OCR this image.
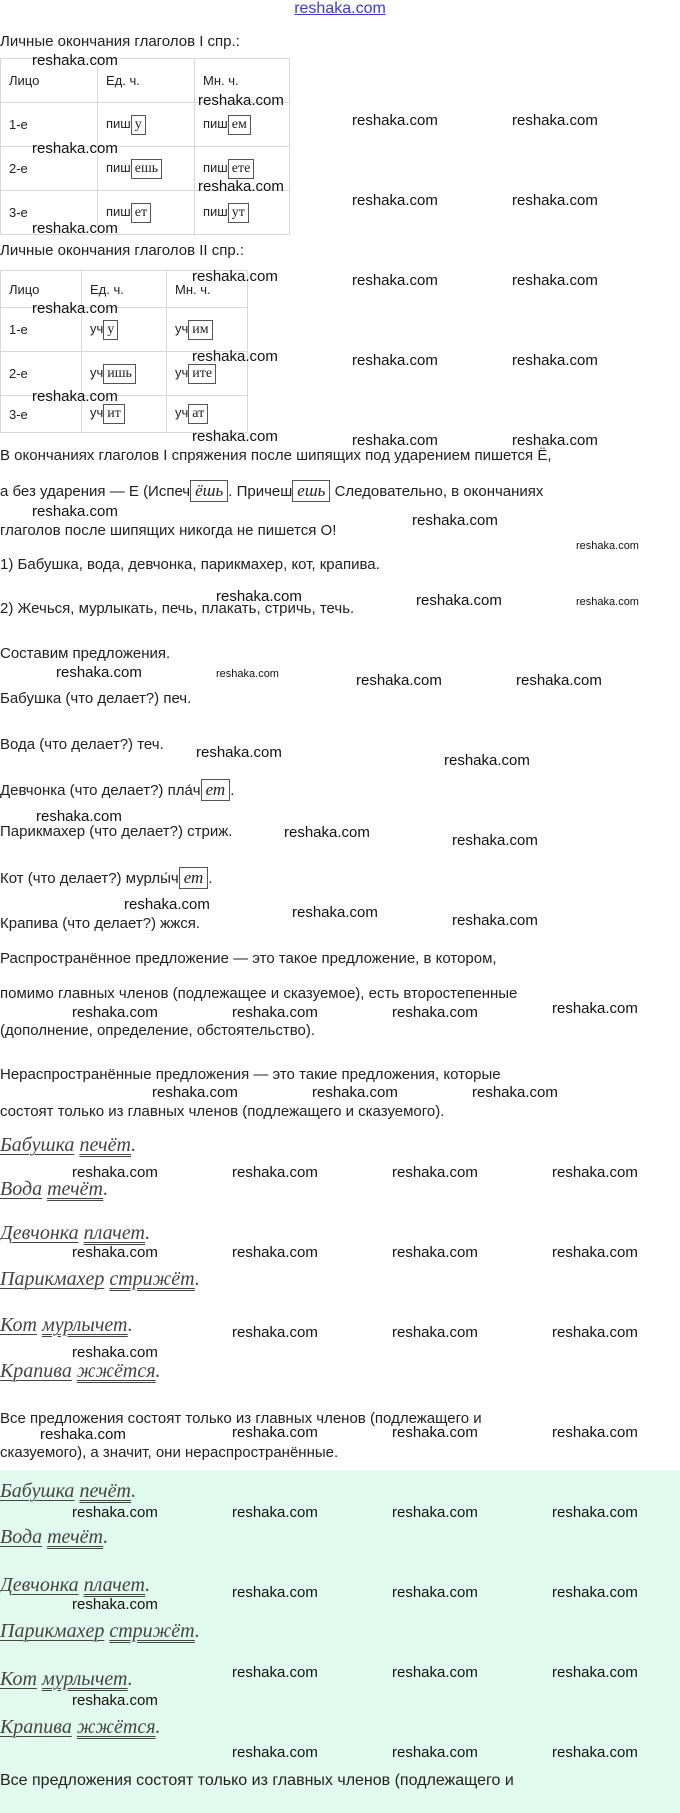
reshaka.com
Личные окончания глаголов I спр.:
Лицо	Ед. ч.	Мн. ч.
1-е	пиш у	пиш ем
2-е	пиш ешь	пиш ете
3-е	пиш ет	пиш ут
Личные окончания глаголов II спр.:
Лицо	Ед. ч.	Мн. ч.
1-е	уч у	уч им
2-е	уч ишь	уч ите
3-е	уч ит	уч ат
В окончаниях глаголов I спряжения после шипящих под ударением пишется Ё,
а без ударения — Е (Испеч ёшь . Причеш ешь Следовательно, в окончаниях
глаголов после шипящих никогда не пишется О!
1) Бабушка, вода, девчонка, парикмахер, кот, крапива.
2) Жечься, мурлыкать, печь, плакать, стричь, течь.
Составим предложения.
Бабушка (что делает?) печ.
Вода (что делает?) теч.
Девчонка (что делает?) пла́ч ет .
Парикмахер (что делает?) стриж.
Кот (что делает?) мурлы́ч ет .
Крапива (что делает?) жжся.
Распространённое предложение — это такое предложение, в котором,
помимо главных членов (подлежащее и сказуемое), есть второстепенные
(дополнение, определение, обстоятельство).
Нераспространённые предложения — это такие предложения, которые
состоят только из главных членов (подлежащего и сказуемого).
Бабушка печёт.
Вода течёт.
Девчонка плачет.
Парикмахер стрижёт.
Кот мурлычет.
Крапива жжётся.
Все предложения состоят только из главных членов (подлежащего и
сказуемого), а значит, они нераспространённые.
Бабушка печёт.
Вода течёт.
Девчонка плачет.
Парикмахер стрижёт.
Кот мурлычет.
Крапива жжётся.
Все предложения состоят только из главных членов (подлежащего и
reshaka.com
reshaka.com
reshaka.com	reshaka.com
reshaka.com
reshaka.com
reshaka.com	reshaka.com
reshaka.com
reshaka.com	reshaka.com	reshaka.com
reshaka.com
reshaka.com	reshaka.com	reshaka.com
reshaka.com
reshaka.com	reshaka.com	reshaka.com
reshaka.com
reshaka.com
reshaka.com
reshaka.com	reshaka.com	reshaka.com
reshaka.com	reshaka.com	reshaka.com	reshaka.com
reshaka.com	reshaka.com
reshaka.com
reshaka.com
reshaka.com
reshaka.com	reshaka.com	reshaka.com
reshaka.com	reshaka.com	reshaka.com	reshaka.com
reshaka.com	reshaka.com	reshaka.com
reshaka.com	reshaka.com	reshaka.com	reshaka.com
reshaka.com	reshaka.com	reshaka.com	reshaka.com
reshaka.com
reshaka.com	reshaka.com	reshaka.com
reshaka.com	reshaka.com	reshaka.com	reshaka.com
reshaka.com	reshaka.com	reshaka.com	reshaka.com
reshaka.com
reshaka.com	reshaka.com	reshaka.com
reshaka.com
reshaka.com	reshaka.com	reshaka.com
reshaka.com	reshaka.com	reshaka.com
